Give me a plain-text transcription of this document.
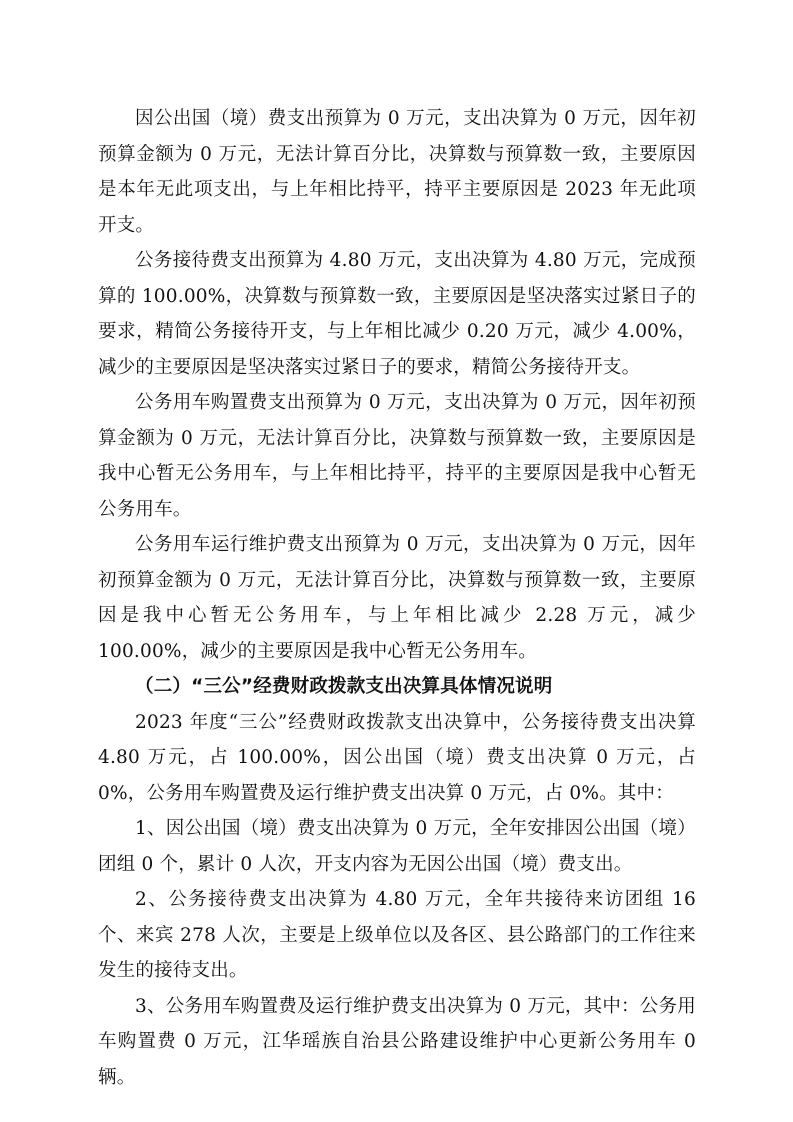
因公出国（境）费支出预算为 0 万元，支出决算为 0 万元，因年初预算金额为 0 万元，无法计算百分比，决算数与预算数一致，主要原因是本年无此项支出，与上年相比持平，持平主要原因是 2023 年无此项开支。

公务接待费支出预算为 4.80 万元，支出决算为 4.80 万元，完成预算的 100.00%，决算数与预算数一致，主要原因是坚决落实过紧日子的要求，精简公务接待开支，与上年相比减少 0.20 万元，减少 4.00%，减少的主要原因是坚决落实过紧日子的要求，精简公务接待开支。

公务用车购置费支出预算为 0 万元，支出决算为 0 万元，因年初预算金额为 0 万元，无法计算百分比，决算数与预算数一致，主要原因是我中心暂无公务用车，与上年相比持平，持平的主要原因是我中心暂无公务用车。

公务用车运行维护费支出预算为 0 万元，支出决算为 0 万元，因年初预算金额为 0 万元，无法计算百分比，决算数与预算数一致，主要原因是我中心暂无公务用车，与上年相比减少 2.28 万元，减少 100.00%，减少的主要原因是我中心暂无公务用车。

（二）“三公”经费财政拨款支出决算具体情况说明

2023 年度“三公”经费财政拨款支出决算中，公务接待费支出决算 4.80 万元，占 100.00%，因公出国（境）费支出决算 0 万元，占 0%，公务用车购置费及运行维护费支出决算 0 万元，占 0%。其中：

1、因公出国（境）费支出决算为 0 万元，全年安排因公出国（境）团组 0 个，累计 0 人次，开支内容为无因公出国（境）费支出。

2、公务接待费支出决算为 4.80 万元，全年共接待来访团组 16 个、来宾 278 人次，主要是上级单位以及各区、县公路部门的工作往来发生的接待支出。

3、公务用车购置费及运行维护费支出决算为 0 万元，其中：公务用车购置费 0 万元，江华瑶族自治县公路建设维护中心更新公务用车 0 辆。
